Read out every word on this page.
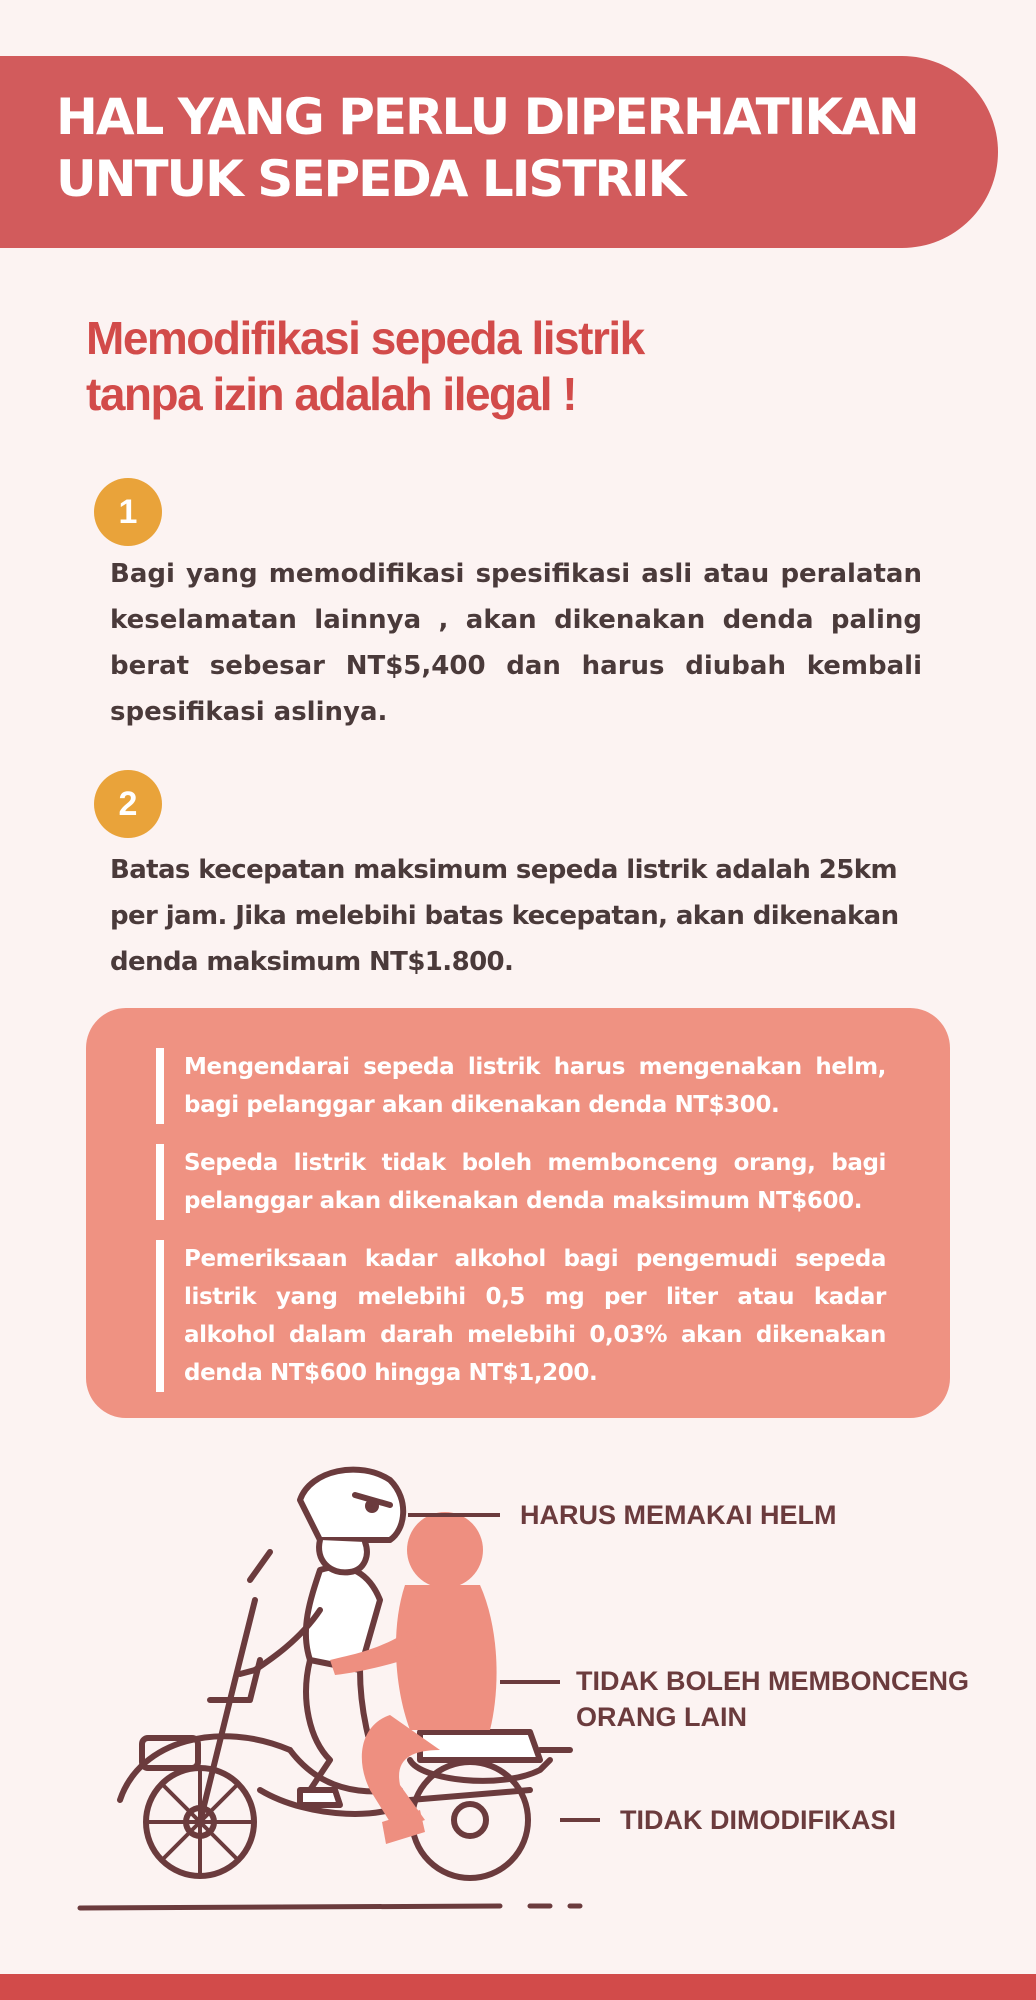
HAL YANG PERLU DIPERHATIKAN
UNTUK SEPEDA LISTRIK
Memodifikasi sepeda listrik
tanpa izin adalah ilegal !
1

Bagi yang memodifikasi spesifikasi asli atau peralatan keselamatan lainnya , akan dikenakan denda paling berat sebesar NT$5,400 dan harus diubah kembali spesifikasi aslinya.

2

Batas kecepatan maksimum sepeda listrik adalah 25km per jam. Jika melebihi batas kecepatan, akan dikenakan denda maksimum NT$1.800.

Mengendarai sepeda listrik harus mengenakan helm, bagi pelanggar akan dikenakan denda NT$300.
Sepeda listrik tidak boleh membonceng orang, bagi pelanggar akan dikenakan denda maksimum NT$600.
Pemeriksaan kadar alkohol bagi pengemudi sepeda listrik yang melebihi 0,5 mg per liter atau kadar alkohol dalam darah melebihi 0,03% akan dikenakan denda NT$600 hingga NT$1,200.

HARUS MEMAKAI HELM

TIDAK BOLEH MEMBONCENG
ORANG LAIN

TIDAK DIMODIFIKASI
